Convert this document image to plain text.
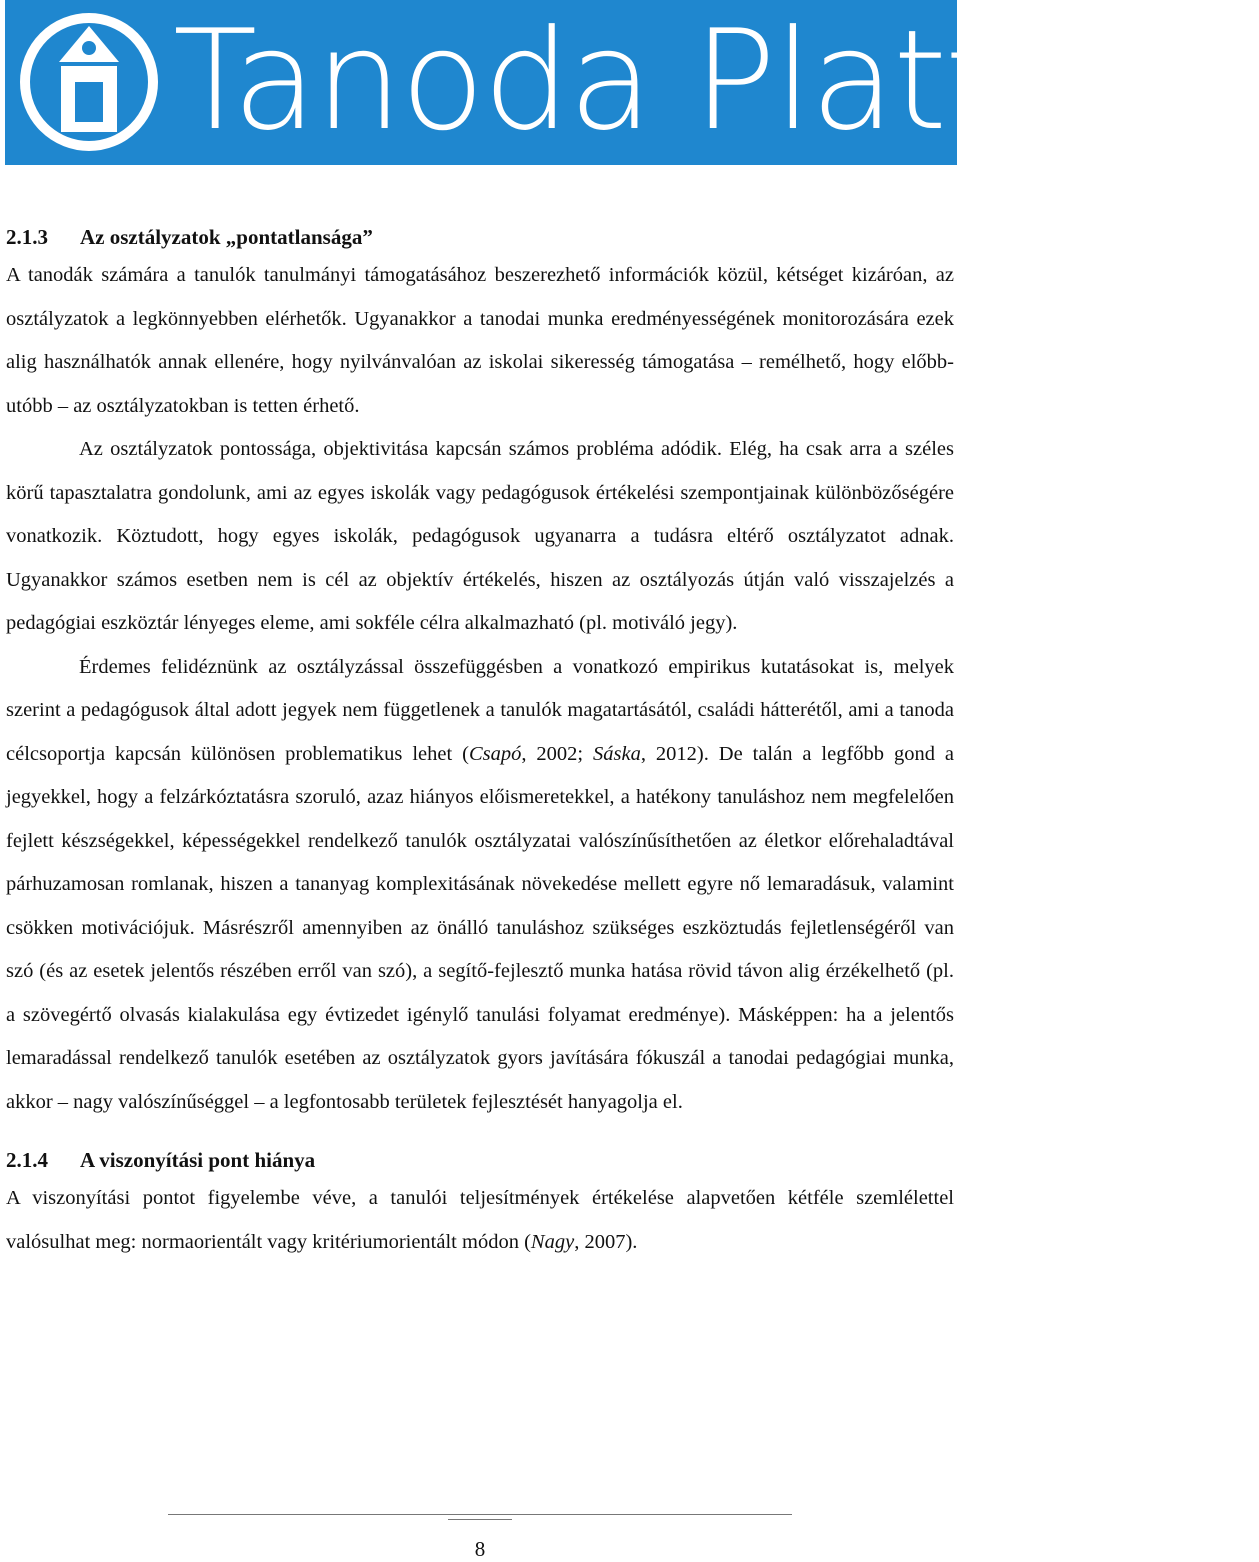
Tanoda Platform
2.1.3	Az osztályzatok „pontatlansága”

A tanodák számára a tanulók tanulmányi támogatásához beszerezhető információk közül, kétséget kizáróan, az osztályzatok a legkönnyebben elérhetők. Ugyanakkor a tanodai munka eredményességének monitorozására ezek alig használhatók annak ellenére, hogy nyilvánvalóan az iskolai sikeresség támogatása – remélhető, hogy előbb-utóbb – az osztályzatokban is tetten érhető.

Az osztályzatok pontossága, objektivitása kapcsán számos probléma adódik. Elég, ha csak arra a széles körű tapasztalatra gondolunk, ami az egyes iskolák vagy pedagógusok értékelési szempontjainak különbözőségére vonatkozik. Köztudott, hogy egyes iskolák, pedagógusok ugyanarra a tudásra eltérő osztályzatot adnak. Ugyanakkor számos esetben nem is cél az objektív értékelés, hiszen az osztályozás útján való visszajelzés a pedagógiai eszköztár lényeges eleme, ami sokféle célra alkalmazható (pl. motiváló jegy).

Érdemes felidéznünk az osztályzással összefüggésben a vonatkozó empirikus kutatásokat is, melyek szerint a pedagógusok által adott jegyek nem függetlenek a tanulók magatartásától, családi hátterétől, ami a tanoda célcsoportja kapcsán különösen problematikus lehet (Csapó, 2002; Sáska, 2012). De talán a legfőbb gond a jegyekkel, hogy a felzárkóztatásra szoruló, azaz hiányos előismeretekkel, a hatékony tanuláshoz nem megfelelően fejlett készségekkel, képességekkel rendelkező tanulók osztályzatai valószínűsíthetően az életkor előrehaladtával párhuzamosan romlanak, hiszen a tananyag komplexitásának növekedése mellett egyre nő lemaradásuk, valamint csökken motivációjuk. Másrészről amennyiben az önálló tanuláshoz szükséges eszköztudás fejletlenségéről van szó (és az esetek jelentős részében erről van szó), a segítő-fejlesztő munka hatása rövid távon alig érzékelhető (pl. a szövegértő olvasás kialakulása egy évtizedet igénylő tanulási folyamat eredménye). Másképpen: ha a jelentős lemaradással rendelkező tanulók esetében az osztályzatok gyors javítására fókuszál a tanodai pedagógiai munka, akkor – nagy valószínűséggel – a legfontosabb területek fejlesztését hanyagolja el.

2.1.4	A viszonyítási pont hiánya

A viszonyítási pontot figyelembe véve, a tanulói teljesítmények értékelése alapvetően kétféle szemlélettel valósulhat meg: normaorientált vagy kritériumorientált módon (Nagy, 2007).

8
